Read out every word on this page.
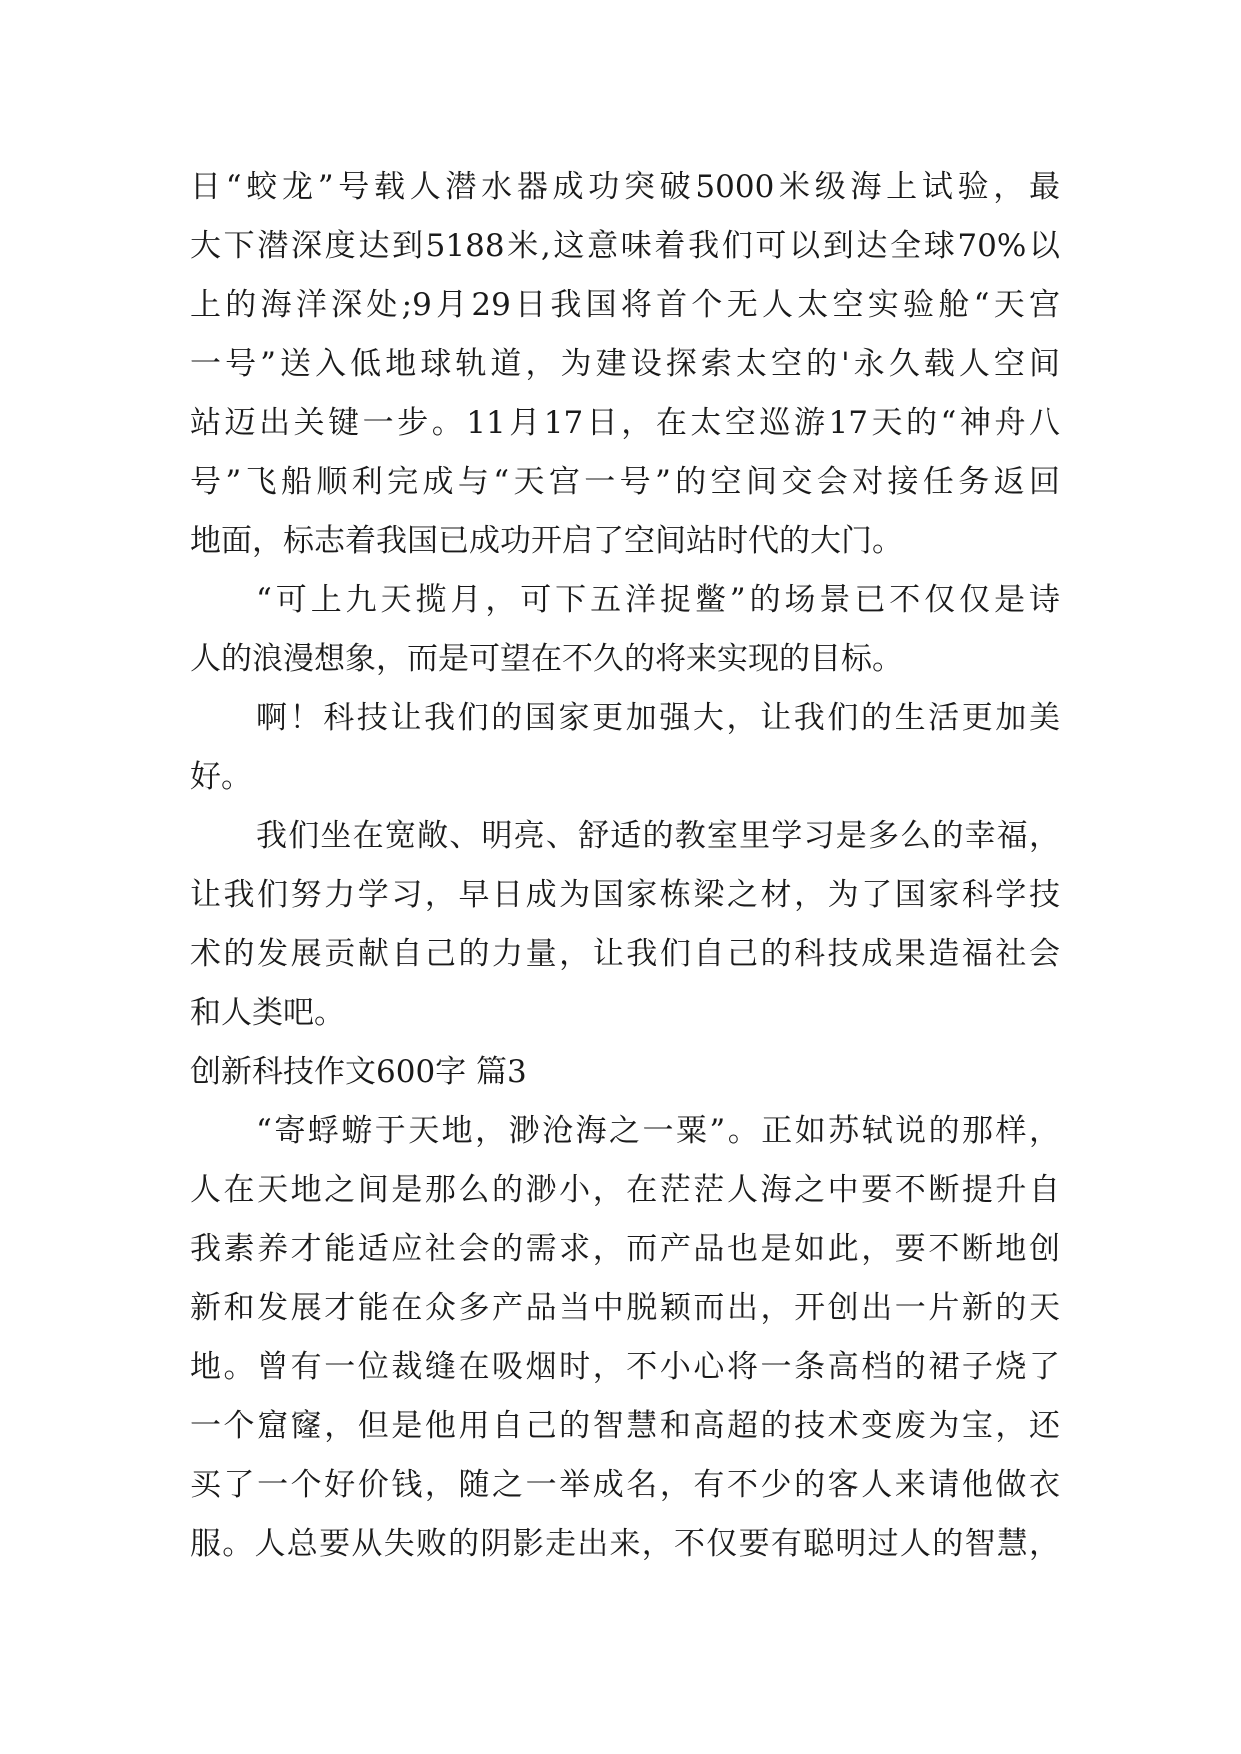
日“蛟龙”号载人潜水器成功突破5000米级海上试验，最
大下潜深度达到5188米,这意味着我们可以到达全球70%以
上的海洋深处;9月29日我国将首个无人太空实验舱“天宫
一号”送入低地球轨道，为建设探索太空的'永久载人空间
站迈出关键一步。11月17日，在太空巡游17天的“神舟八
号”飞船顺利完成与“天宫一号”的空间交会对接任务返回
地面，标志着我国已成功开启了空间站时代的大门。
“可上九天揽月，可下五洋捉鳖”的场景已不仅仅是诗
人的浪漫想象，而是可望在不久的将来实现的目标。
啊！科技让我们的国家更加强大，让我们的生活更加美
好。
我们坐在宽敞、明亮、舒适的教室里学习是多么的幸福，
让我们努力学习，早日成为国家栋梁之材，为了国家科学技
术的发展贡献自己的力量，让我们自己的科技成果造福社会
和人类吧。
创新科技作文600字 篇3
“寄蜉蝣于天地，渺沧海之一粟”。正如苏轼说的那样，
人在天地之间是那么的渺小，在茫茫人海之中要不断提升自
我素养才能适应社会的需求，而产品也是如此，要不断地创
新和发展才能在众多产品当中脱颖而出，开创出一片新的天
地。曾有一位裁缝在吸烟时，不小心将一条高档的裙子烧了
一个窟窿，但是他用自己的智慧和高超的技术变废为宝，还
买了一个好价钱，随之一举成名，有不少的客人来请他做衣
服。人总要从失败的阴影走出来，不仅要有聪明过人的智慧，
